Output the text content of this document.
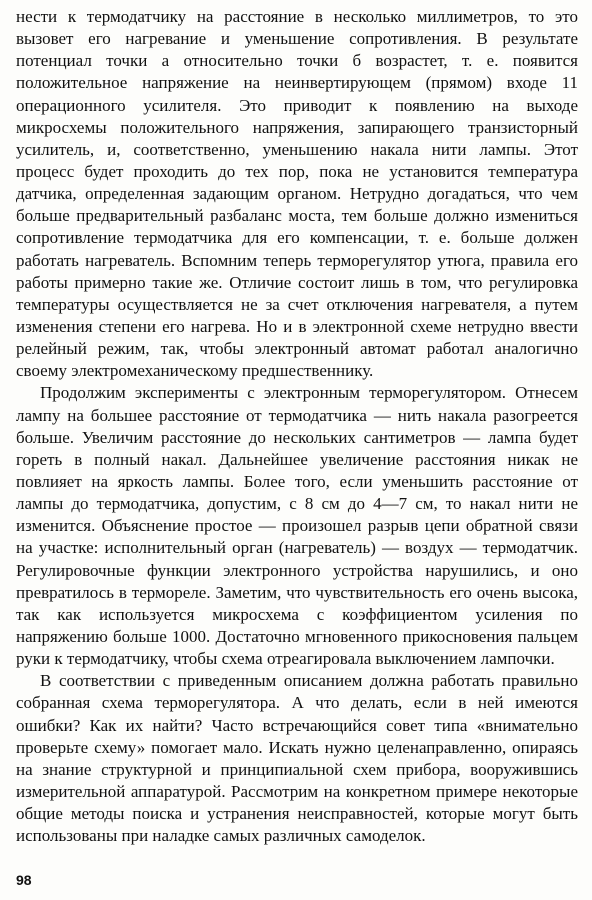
нести к термодатчику на расстояние в несколько миллиметров, то это вызовет его нагревание и уменьшение сопротивления. В результате потенциал точки а относительно точки б возрастет, т. е. появится положительное напряжение на неинвертирующем (прямом) входе 11 операционного усилителя. Это приводит к появлению на выходе микросхемы положительного напряжения, запирающего транзисторный усилитель, и, соответственно, уменьшению накала нити лампы. Этот процесс будет проходить до тех пор, пока не установится температура датчика, определенная задающим органом. Нетрудно догадаться, что чем больше предварительный разбаланс моста, тем больше должно измениться сопротивление термодатчика для его компенсации, т. е. больше должен работать нагреватель. Вспомним теперь терморегулятор утюга, правила его работы примерно такие же. Отличие состоит лишь в том, что регулировка температуры осуществляется не за счет отключения нагревателя, а путем изменения степени его нагрева. Но и в электронной схеме нетрудно ввести релейный режим, так, чтобы электронный автомат работал аналогично своему электромеханическому предшественнику.

Продолжим эксперименты с электронным терморегулятором. Отнесем лампу на большее расстояние от термодатчика — нить накала разогреется больше. Увеличим расстояние до нескольких сантиметров — лампа будет гореть в полный накал. Дальнейшее увеличение расстояния никак не повлияет на яркость лампы. Более того, если уменьшить расстояние от лампы до термодатчика, допустим, с 8 см до 4—7 см, то накал нити не изменится. Объяснение простое — произошел разрыв цепи обратной связи на участке: исполнительный орган (нагреватель) — воздух — термодатчик. Регулировочные функции электронного устройства нарушились, и оно превратилось в термореле. Заметим, что чувствительность его очень высока, так как используется микросхема с коэффициентом усиления по напряжению больше 1000. Достаточно мгновенного прикосновения пальцем руки к термодатчику, чтобы схема отреагировала выключением лампочки.

В соответствии с приведенным описанием должна работать правильно собранная схема терморегулятора. А что делать, если в ней имеются ошибки? Как их найти? Часто встречающийся совет типа «внимательно проверьте схему» помогает мало. Искать нужно целенаправленно, опираясь на знание структурной и принципиальной схем прибора, вооружившись измерительной аппаратурой. Рассмотрим на конкретном примере некоторые общие методы поиска и устранения неисправностей, которые могут быть использованы при наладке самых различных самоделок.

98
